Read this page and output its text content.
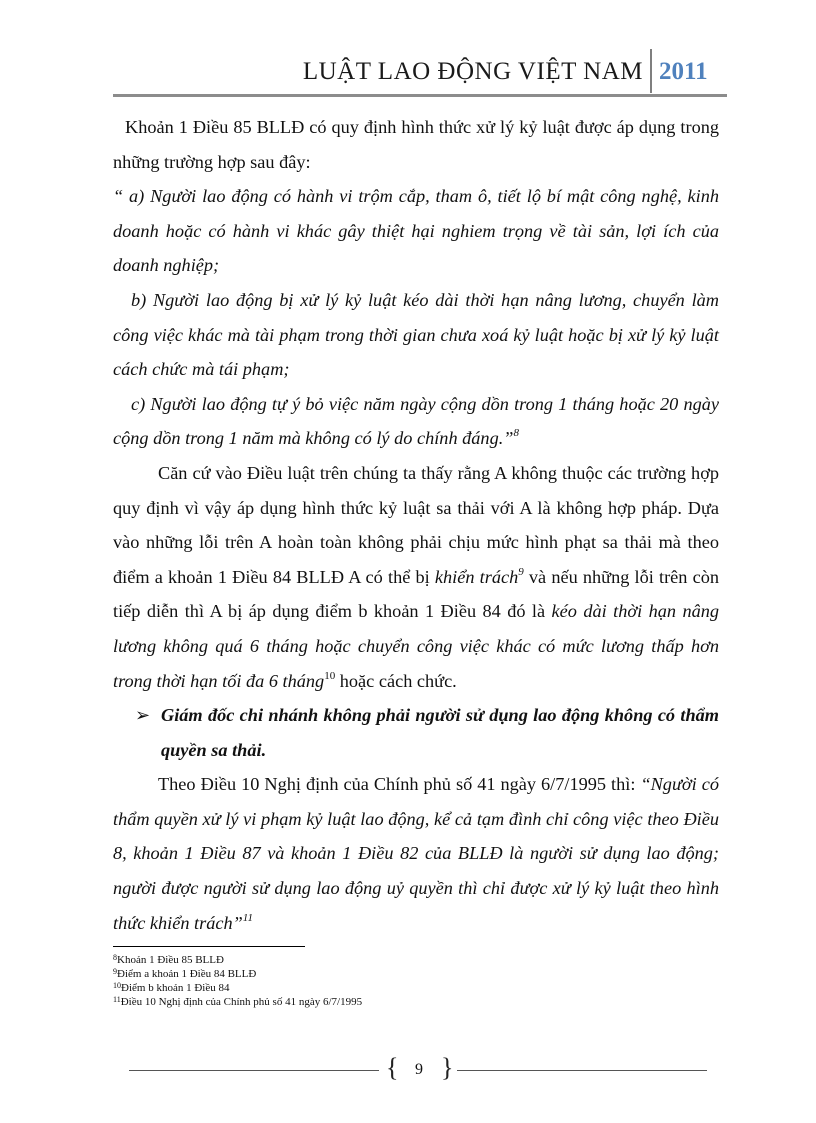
LUẬT LAO ĐỘNG VIỆT NAM 2011

Khoản 1 Điều 85 BLLĐ có quy định hình thức xử lý kỷ luật được áp dụng trong những trường hợp sau đây:

“ a) Người lao động có hành vi trộm cắp, tham ô, tiết lộ bí mật công nghệ, kinh doanh hoặc có hành vi khác gây thiệt hại nghiem trọng về tài sản, lợi ích của doanh nghiệp;

b) Người lao động bị xử lý kỷ luật kéo dài thời hạn nâng lương, chuyển làm công việc khác mà tài phạm trong thời gian chưa xoá kỷ luật hoặc bị xử lý kỷ luật cách chức mà tái phạm;

c) Người lao động tự ý bỏ việc năm ngày cộng dồn trong 1 tháng hoặc 20 ngày cộng dồn trong 1 năm mà không có lý do chính đáng.”$^8$

Căn cứ vào Điều luật trên chúng ta thấy rằng A không thuộc các trường hợp quy định vì vậy áp dụng hình thức kỷ luật sa thải với A là không hợp pháp. Dựa vào những lỗi trên A hoàn toàn không phải chịu mức hình phạt sa thải mà theo điểm a khoản 1 Điều 84 BLLĐ A có thể bị khiển trách$^9$ và nếu những lỗi trên còn tiếp diễn thì A bị áp dụng điểm b khoản 1 Điều 84 đó là kéo dài thời hạn nâng lương không quá 6 tháng hoặc chuyển công việc khác có mức lương thấp hơn trong thời hạn tối đa 6 tháng$^{10}$ hoặc cách chức.

➢ Giám đốc chi nhánh không phải người sử dụng lao động không có thẩm quyền sa thải.

Theo Điều 10 Nghị định của Chính phủ số 41 ngày 6/7/1995 thì: “Người có thẩm quyền xử lý vi phạm kỷ luật lao động, kể cả tạm đình chỉ công việc theo Điều 8, khoản 1 Điều 87 và khoản 1 Điều 82 của BLLĐ là người sử dụng lao động; người được người sử dụng lao động uỷ quyền thì chỉ được xử lý kỷ luật theo hình thức khiển trách”$^{11}$

$^8$Khoản 1 Điều 85 BLLĐ
$^9$Điểm a khoản 1 Điều 84 BLLĐ
$^{10}$Điểm b khoản 1 Điều 84
$^{11}$Điều 10 Nghị định của Chính phủ số 41 ngày 6/7/1995
{	9 }
